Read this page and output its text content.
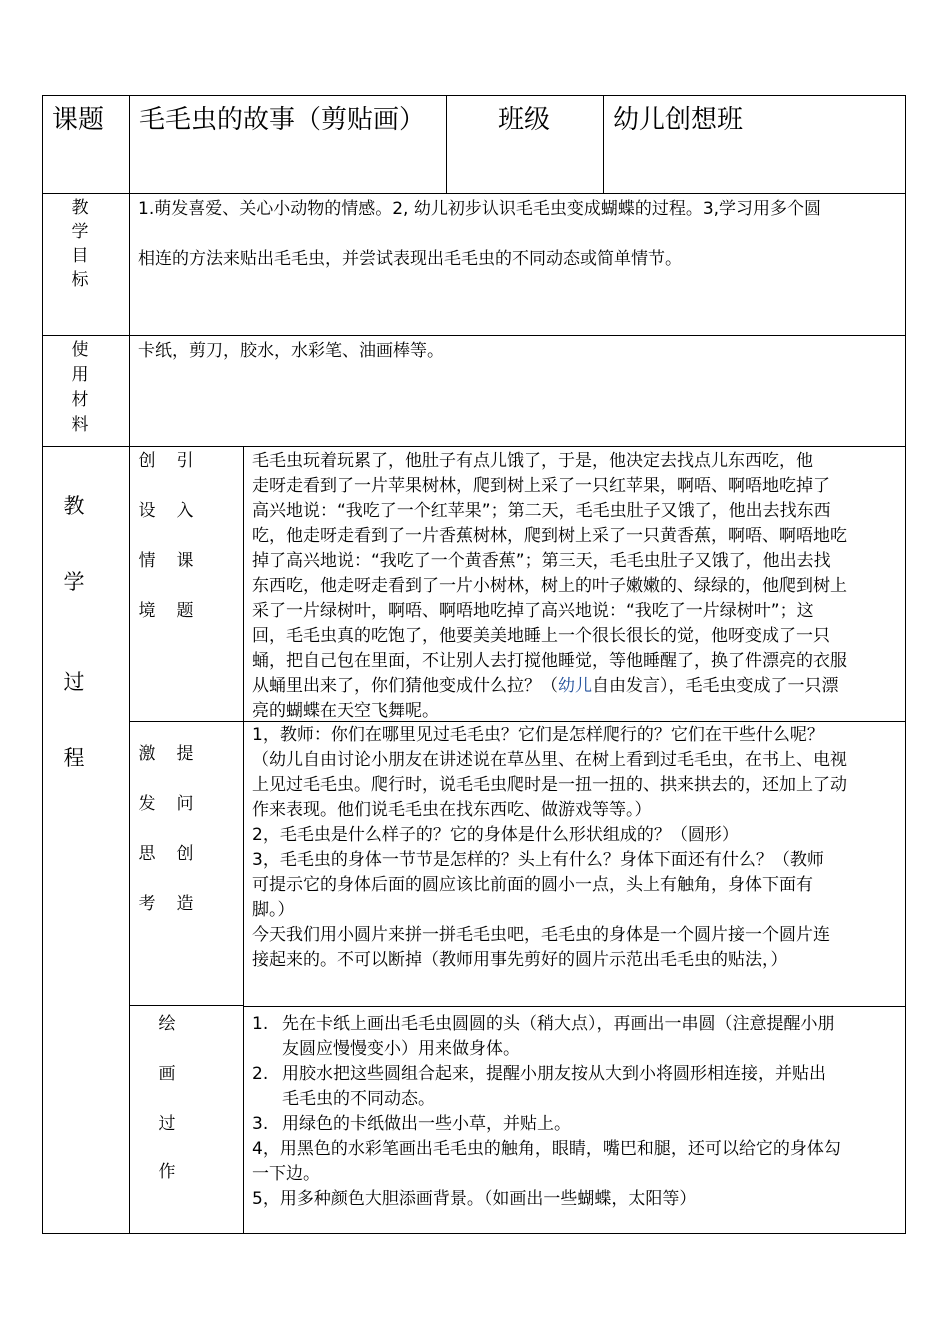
课题 毛毛虫的故事（剪贴画）	班级 幼儿创想班
教
学
目
标
1.萌发喜爱、关心小动物的情感。2, 幼儿初步认识毛毛虫变成蝴蝶的过程。3,学习用多个圆
相连的方法来贴出毛毛虫，并尝试表现出毛毛虫的不同动态或简单情节。
使
用
材
料
卡纸，剪刀，胶水，水彩笔、油画棒等。
教
学
过
程
创 引
设 入
情 课
境 题
毛毛虫玩着玩累了，他肚子有点儿饿了，于是，他决定去找点儿东西吃，他
走呀走看到了一片苹果树林，爬到树上采了一只红苹果，啊唔、啊唔地吃掉了
高兴地说：“我吃了一个红苹果”；第二天，毛毛虫肚子又饿了，他出去找东西
吃，他走呀走看到了一片香蕉树林，爬到树上采了一只黄香蕉，啊唔、啊唔地吃
掉了高兴地说：“我吃了一个黄香蕉”；第三天，毛毛虫肚子又饿了，他出去找
东西吃，他走呀走看到了一片小树林，树上的叶子嫩嫩的、绿绿的，他爬到树上
采了一片绿树叶，啊唔、啊唔地吃掉了高兴地说：“我吃了一片绿树叶”；这
回，毛毛虫真的吃饱了，他要美美地睡上一个很长很长的觉，他呀变成了一只
蛹，把自己包在里面，不让别人去打搅他睡觉，等他睡醒了，换了件漂亮的衣服
从蛹里出来了，你们猜他变成什么拉？（幼儿自由发言），毛毛虫变成了一只漂
亮的蝴蝶在天空飞舞呢。
激 提
发 问
思 创
考 造
1，教师：你们在哪里见过毛毛虫？它们是怎样爬行的？它们在干些什么呢？
（幼儿自由讨论小朋友在讲述说在草丛里、在树上看到过毛毛虫，在书上、电视
上见过毛毛虫。爬行时，说毛毛虫爬时是一扭一扭的、拱来拱去的，还加上了动
作来表现。他们说毛毛虫在找东西吃、做游戏等等。）
2，毛毛虫是什么样子的？它的身体是什么形状组成的？（圆形）
3，毛毛虫的身体一节节是怎样的？头上有什么？身体下面还有什么？（教师
可提示它的身体后面的圆应该比前面的圆小一点，头上有触角，身体下面有
脚。）
今天我们用小圆片来拼一拼毛毛虫吧，毛毛虫的身体是一个圆片接一个圆片连
接起来的。不可以断掉（教师用事先剪好的圆片示范出毛毛虫的贴法，）
绘
画
过
作
1. 先在卡纸上画出毛毛虫圆圆的头（稍大点），再画出一串圆（注意提醒小朋
友圆应慢慢变小）用来做身体。
2. 用胶水把这些圆组合起来，提醒小朋友按从大到小将圆形相连接，并贴出
毛毛虫的不同动态。
3. 用绿色的卡纸做出一些小草，并贴上。
4，用黑色的水彩笔画出毛毛虫的触角，眼睛，嘴巴和腿，还可以给它的身体勾
一下边。
5，用多种颜色大胆添画背景。（如画出一些蝴蝶，太阳等）
